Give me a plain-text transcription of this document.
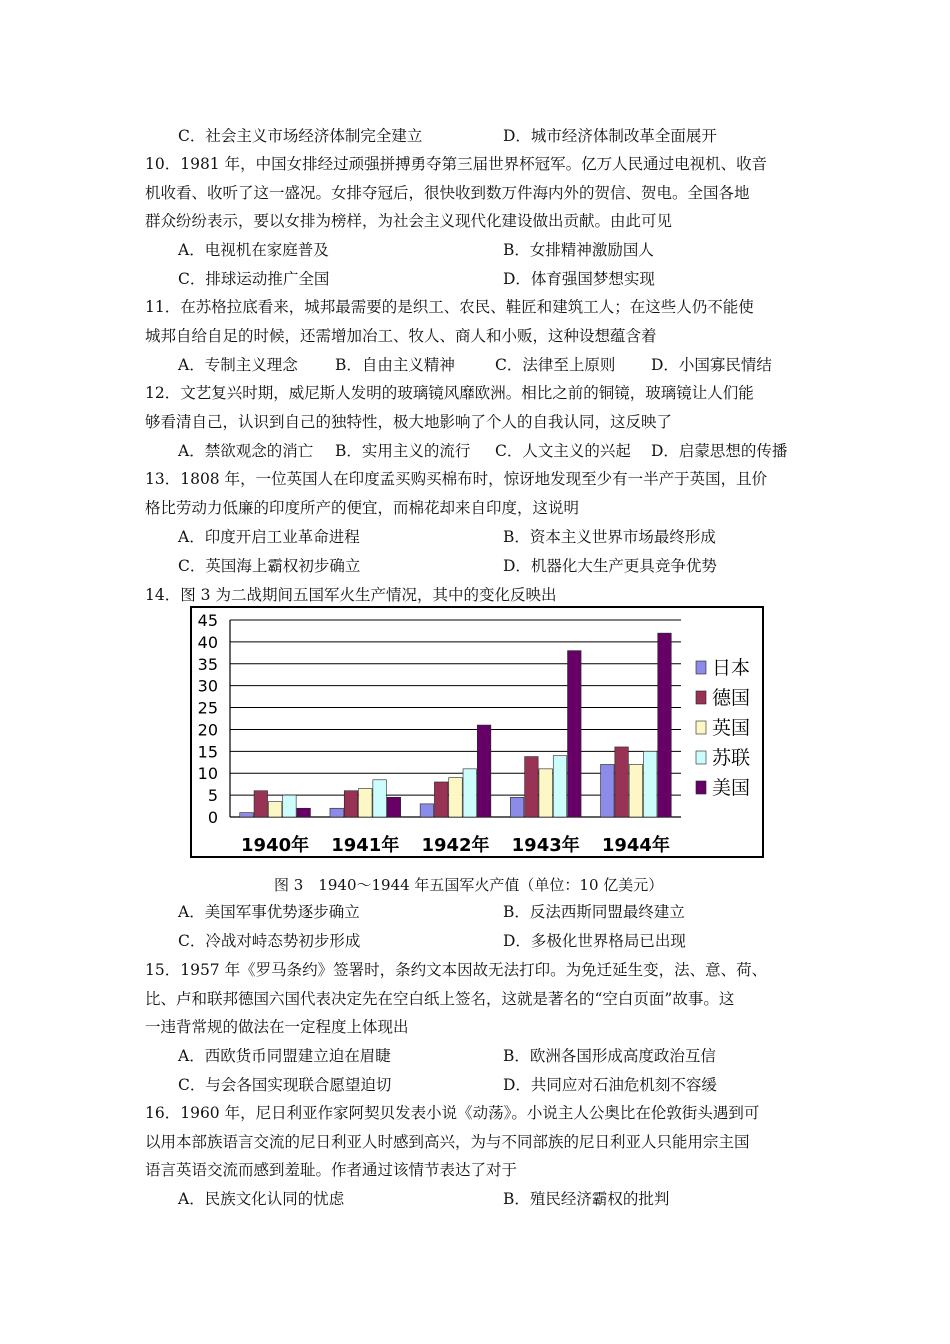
C．社会主义市场经济体制完全建立	D．城市经济体制改革全面展开
10．1981 年，中国女排经过顽强拼搏勇夺第三届世界杯冠军。亿万人民通过电视机、收音
机收看、收听了这一盛况。女排夺冠后，很快收到数万件海内外的贺信、贺电。全国各地
群众纷纷表示，要以女排为榜样，为社会主义现代化建设做出贡献。由此可见
A．电视机在家庭普及	B．女排精神激励国人
C．排球运动推广全国	D．体育强国梦想实现
11．在苏格拉底看来，城邦最需要的是织工、农民、鞋匠和建筑工人；在这些人仍不能使
城邦自给自足的时候，还需增加冶工、牧人、商人和小贩，这种设想蕴含着
A．专制主义理念 B．自由主义精神	C．法律至上原则 D．小国寡民情结
12．文艺复兴时期，威尼斯人发明的玻璃镜风靡欧洲。相比之前的铜镜，玻璃镜让人们能
够看清自己，认识到自己的独特性，极大地影响了个人的自我认同，这反映了
A．禁欲观念的消亡 B．实用主义的流行 C．人文主义的兴起 D．启蒙思想的传播
13．1808 年，一位英国人在印度孟买购买棉布时，惊讶地发现至少有一半产于英国，且价
格比劳动力低廉的印度所产的便宜，而棉花却来自印度，这说明
A．印度开启工业革命进程	B．资本主义世界市场最终形成
C．英国海上霸权初步确立	D．机器化大生产更具竞争优势
14．图 3 为二战期间五国军火生产情况，其中的变化反映出
0
5
10
15
20
25
30
35
40
45
1940年 1941年 1942年 1943年 1944年
日本
德国
英国
苏联
美国
图 3　1940～1944 年五国军火产值（单位：10 亿美元）
A．美国军事优势逐步确立	B．反法西斯同盟最终建立
C．冷战对峙态势初步形成	D．多极化世界格局已出现
15．1957 年《罗马条约》签署时，条约文本因故无法打印。为免迁延生变，法、意、荷、
比、卢和联邦德国六国代表决定先在空白纸上签名，这就是著名的“空白页面”故事。这
一违背常规的做法在一定程度上体现出
A．西欧货币同盟建立迫在眉睫	B．欧洲各国形成高度政治互信
C．与会各国实现联合愿望迫切	D．共同应对石油危机刻不容缓
16．1960 年，尼日利亚作家阿契贝发表小说《动荡》。小说主人公奥比在伦敦街头遇到可
以用本部族语言交流的尼日利亚人时感到高兴，为与不同部族的尼日利亚人只能用宗主国
语言英语交流而感到羞耻。作者通过该情节表达了对于
A．民族文化认同的忧虑	B．殖民经济霸权的批判
